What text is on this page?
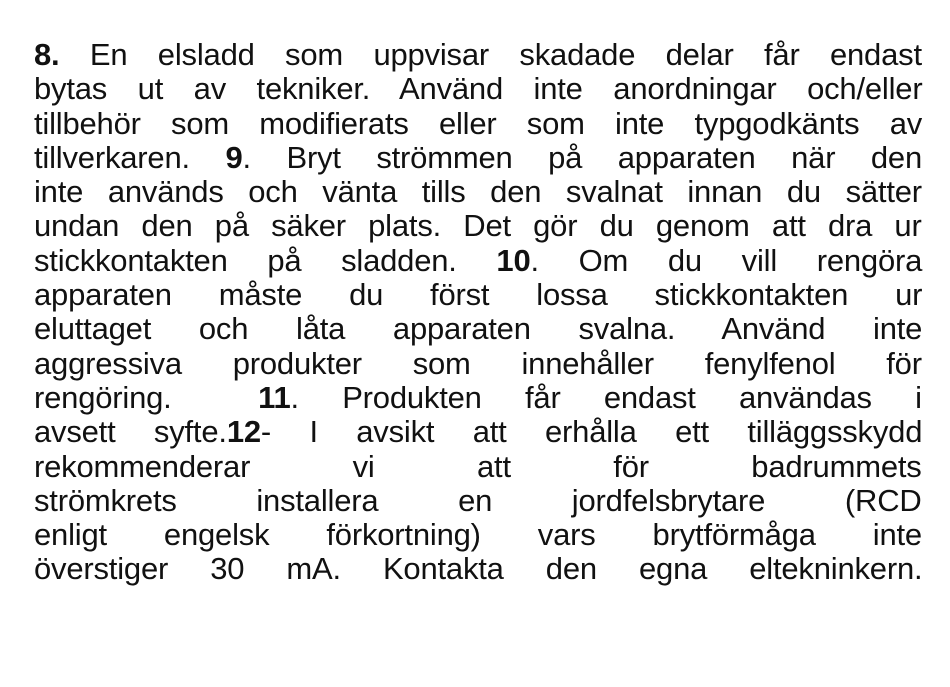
8. En elsladd som uppvisar skadade delar får endast
bytas ut av tekniker. Använd inte anordningar och/eller
tillbehör som modifierats eller som inte typgodkänts av
tillverkaren. 9. Bryt strömmen på apparaten när den
inte används och vänta tills den svalnat innan du sätter
undan den på säker plats. Det gör du genom att dra ur
stickkontakten på sladden. 10. Om du vill rengöra
apparaten måste du först lossa stickkontakten ur
eluttaget och låta apparaten svalna. Använd inte
aggressiva produkter som innehåller fenylfenol för
rengöring.  11. Produkten får endast användas i
avsett syfte.12- I avsikt att erhålla ett tilläggsskydd
rekommenderar vi att för badrummets
strömkrets installera en jordfelsbrytare (RCD
enligt engelsk förkortning) vars brytförmåga inte
överstiger 30 mA. Kontakta den egna eltekninkern.
